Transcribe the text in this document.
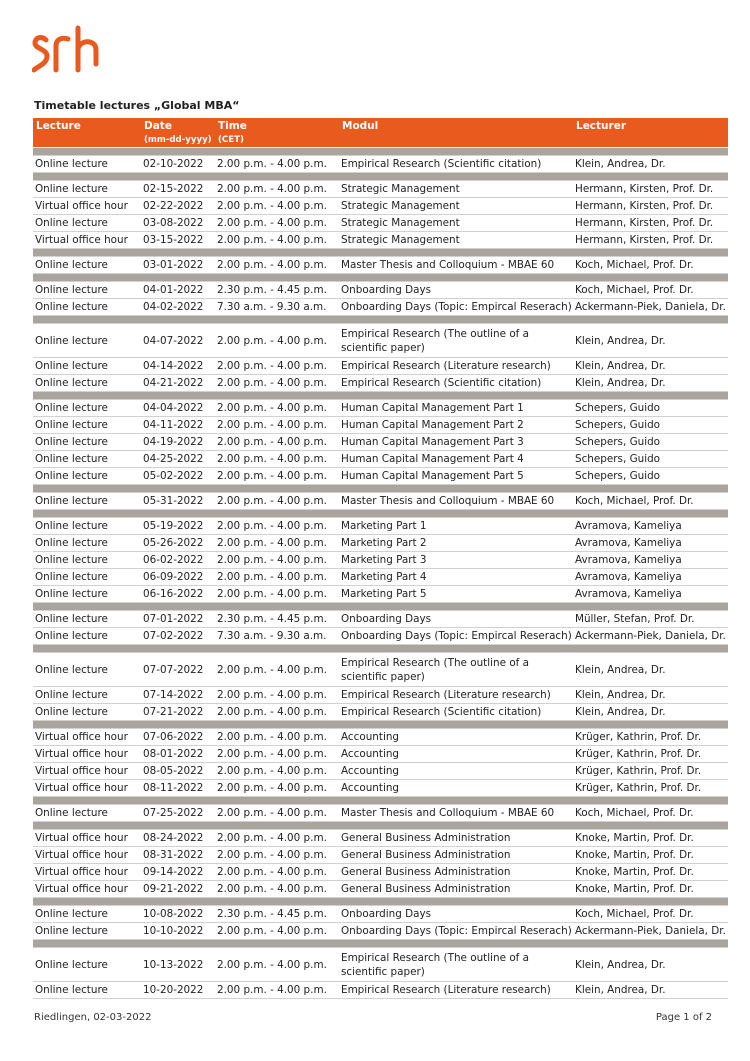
Timetable lectures „Global MBA“
Lecture	Date	Time	Modul	Lecturer
	(mm-dd-yyyy)	(CET)		

Online lecture	02-10-2022	2.00 p.m. - 4.00 p.m.	Empirical Research (Scientific citation)	Klein, Andrea, Dr.

Online lecture	02-15-2022	2.00 p.m. - 4.00 p.m.	Strategic Management	Hermann, Kirsten, Prof. Dr.
Virtual office hour	02-22-2022	2.00 p.m. - 4.00 p.m.	Strategic Management	Hermann, Kirsten, Prof. Dr.
Online lecture	03-08-2022	2.00 p.m. - 4.00 p.m.	Strategic Management	Hermann, Kirsten, Prof. Dr.
Virtual office hour	03-15-2022	2.00 p.m. - 4.00 p.m.	Strategic Management	Hermann, Kirsten, Prof. Dr.

Online lecture	03-01-2022	2.00 p.m. - 4.00 p.m.	Master Thesis and Colloquium - MBAE 60	Koch, Michael, Prof. Dr.

Online lecture	04-01-2022	2.30 p.m. - 4.45 p.m.	Onboarding Days	Koch, Michael, Prof. Dr.
Online lecture	04-02-2022	7.30 a.m. - 9.30 a.m.	Onboarding Days (Topic: Empircal Reserach)	Ackermann-Piek, Daniela, Dr.

Online lecture	04-07-2022	2.00 p.m. - 4.00 p.m.	Empirical Research (The outline of a scientific paper)	Klein, Andrea, Dr.
Online lecture	04-14-2022	2.00 p.m. - 4.00 p.m.	Empirical Research (Literature research)	Klein, Andrea, Dr.
Online lecture	04-21-2022	2.00 p.m. - 4.00 p.m.	Empirical Research (Scientific citation)	Klein, Andrea, Dr.

Online lecture	04-04-2022	2.00 p.m. - 4.00 p.m.	Human Capital Management Part 1	Schepers, Guido
Online lecture	04-11-2022	2.00 p.m. - 4.00 p.m.	Human Capital Management Part 2	Schepers, Guido
Online lecture	04-19-2022	2.00 p.m. - 4.00 p.m.	Human Capital Management Part 3	Schepers, Guido
Online lecture	04-25-2022	2.00 p.m. - 4.00 p.m.	Human Capital Management Part 4	Schepers, Guido
Online lecture	05-02-2022	2.00 p.m. - 4.00 p.m.	Human Capital Management Part 5	Schepers, Guido

Online lecture	05-31-2022	2.00 p.m. - 4.00 p.m.	Master Thesis and Colloquium - MBAE 60	Koch, Michael, Prof. Dr.

Online lecture	05-19-2022	2.00 p.m. - 4.00 p.m.	Marketing Part 1	Avramova, Kameliya
Online lecture	05-26-2022	2.00 p.m. - 4.00 p.m.	Marketing Part 2	Avramova, Kameliya
Online lecture	06-02-2022	2.00 p.m. - 4.00 p.m.	Marketing Part 3	Avramova, Kameliya
Online lecture	06-09-2022	2.00 p.m. - 4.00 p.m.	Marketing Part 4	Avramova, Kameliya
Online lecture	06-16-2022	2.00 p.m. - 4.00 p.m.	Marketing Part 5	Avramova, Kameliya

Online lecture	07-01-2022	2.30 p.m. - 4.45 p.m.	Onboarding Days	Müller, Stefan, Prof. Dr.
Online lecture	07-02-2022	7.30 a.m. - 9.30 a.m.	Onboarding Days (Topic: Empircal Reserach)	Ackermann-Piek, Daniela, Dr.

Online lecture	07-07-2022	2.00 p.m. - 4.00 p.m.	Empirical Research (The outline of a scientific paper)	Klein, Andrea, Dr.
Online lecture	07-14-2022	2.00 p.m. - 4.00 p.m.	Empirical Research (Literature research)	Klein, Andrea, Dr.
Online lecture	07-21-2022	2.00 p.m. - 4.00 p.m.	Empirical Research (Scientific citation)	Klein, Andrea, Dr.

Virtual office hour	07-06-2022	2.00 p.m. - 4.00 p.m.	Accounting	Krüger, Kathrin, Prof. Dr.
Virtual office hour	08-01-2022	2.00 p.m. - 4.00 p.m.	Accounting	Krüger, Kathrin, Prof. Dr.
Virtual office hour	08-05-2022	2.00 p.m. - 4.00 p.m.	Accounting	Krüger, Kathrin, Prof. Dr.
Virtual office hour	08-11-2022	2.00 p.m. - 4.00 p.m.	Accounting	Krüger, Kathrin, Prof. Dr.

Online lecture	07-25-2022	2.00 p.m. - 4.00 p.m.	Master Thesis and Colloquium - MBAE 60	Koch, Michael, Prof. Dr.

Virtual office hour	08-24-2022	2.00 p.m. - 4.00 p.m.	General Business Administration	Knoke, Martin, Prof. Dr.
Virtual office hour	08-31-2022	2.00 p.m. - 4.00 p.m.	General Business Administration	Knoke, Martin, Prof. Dr.
Virtual office hour	09-14-2022	2.00 p.m. - 4.00 p.m.	General Business Administration	Knoke, Martin, Prof. Dr.
Virtual office hour	09-21-2022	2.00 p.m. - 4.00 p.m.	General Business Administration	Knoke, Martin, Prof. Dr.

Online lecture	10-08-2022	2.30 p.m. - 4.45 p.m.	Onboarding Days	Koch, Michael, Prof. Dr.
Online lecture	10-10-2022	2.00 p.m. - 4.00 p.m.	Onboarding Days (Topic: Empircal Reserach)	Ackermann-Piek, Daniela, Dr.

Online lecture	10-13-2022	2.00 p.m. - 4.00 p.m.	Empirical Research (The outline of a scientific paper)	Klein, Andrea, Dr.
Online lecture	10-20-2022	2.00 p.m. - 4.00 p.m.	Empirical Research (Literature research)	Klein, Andrea, Dr.
Riedlingen, 02-03-2022	Page 1 of 2
